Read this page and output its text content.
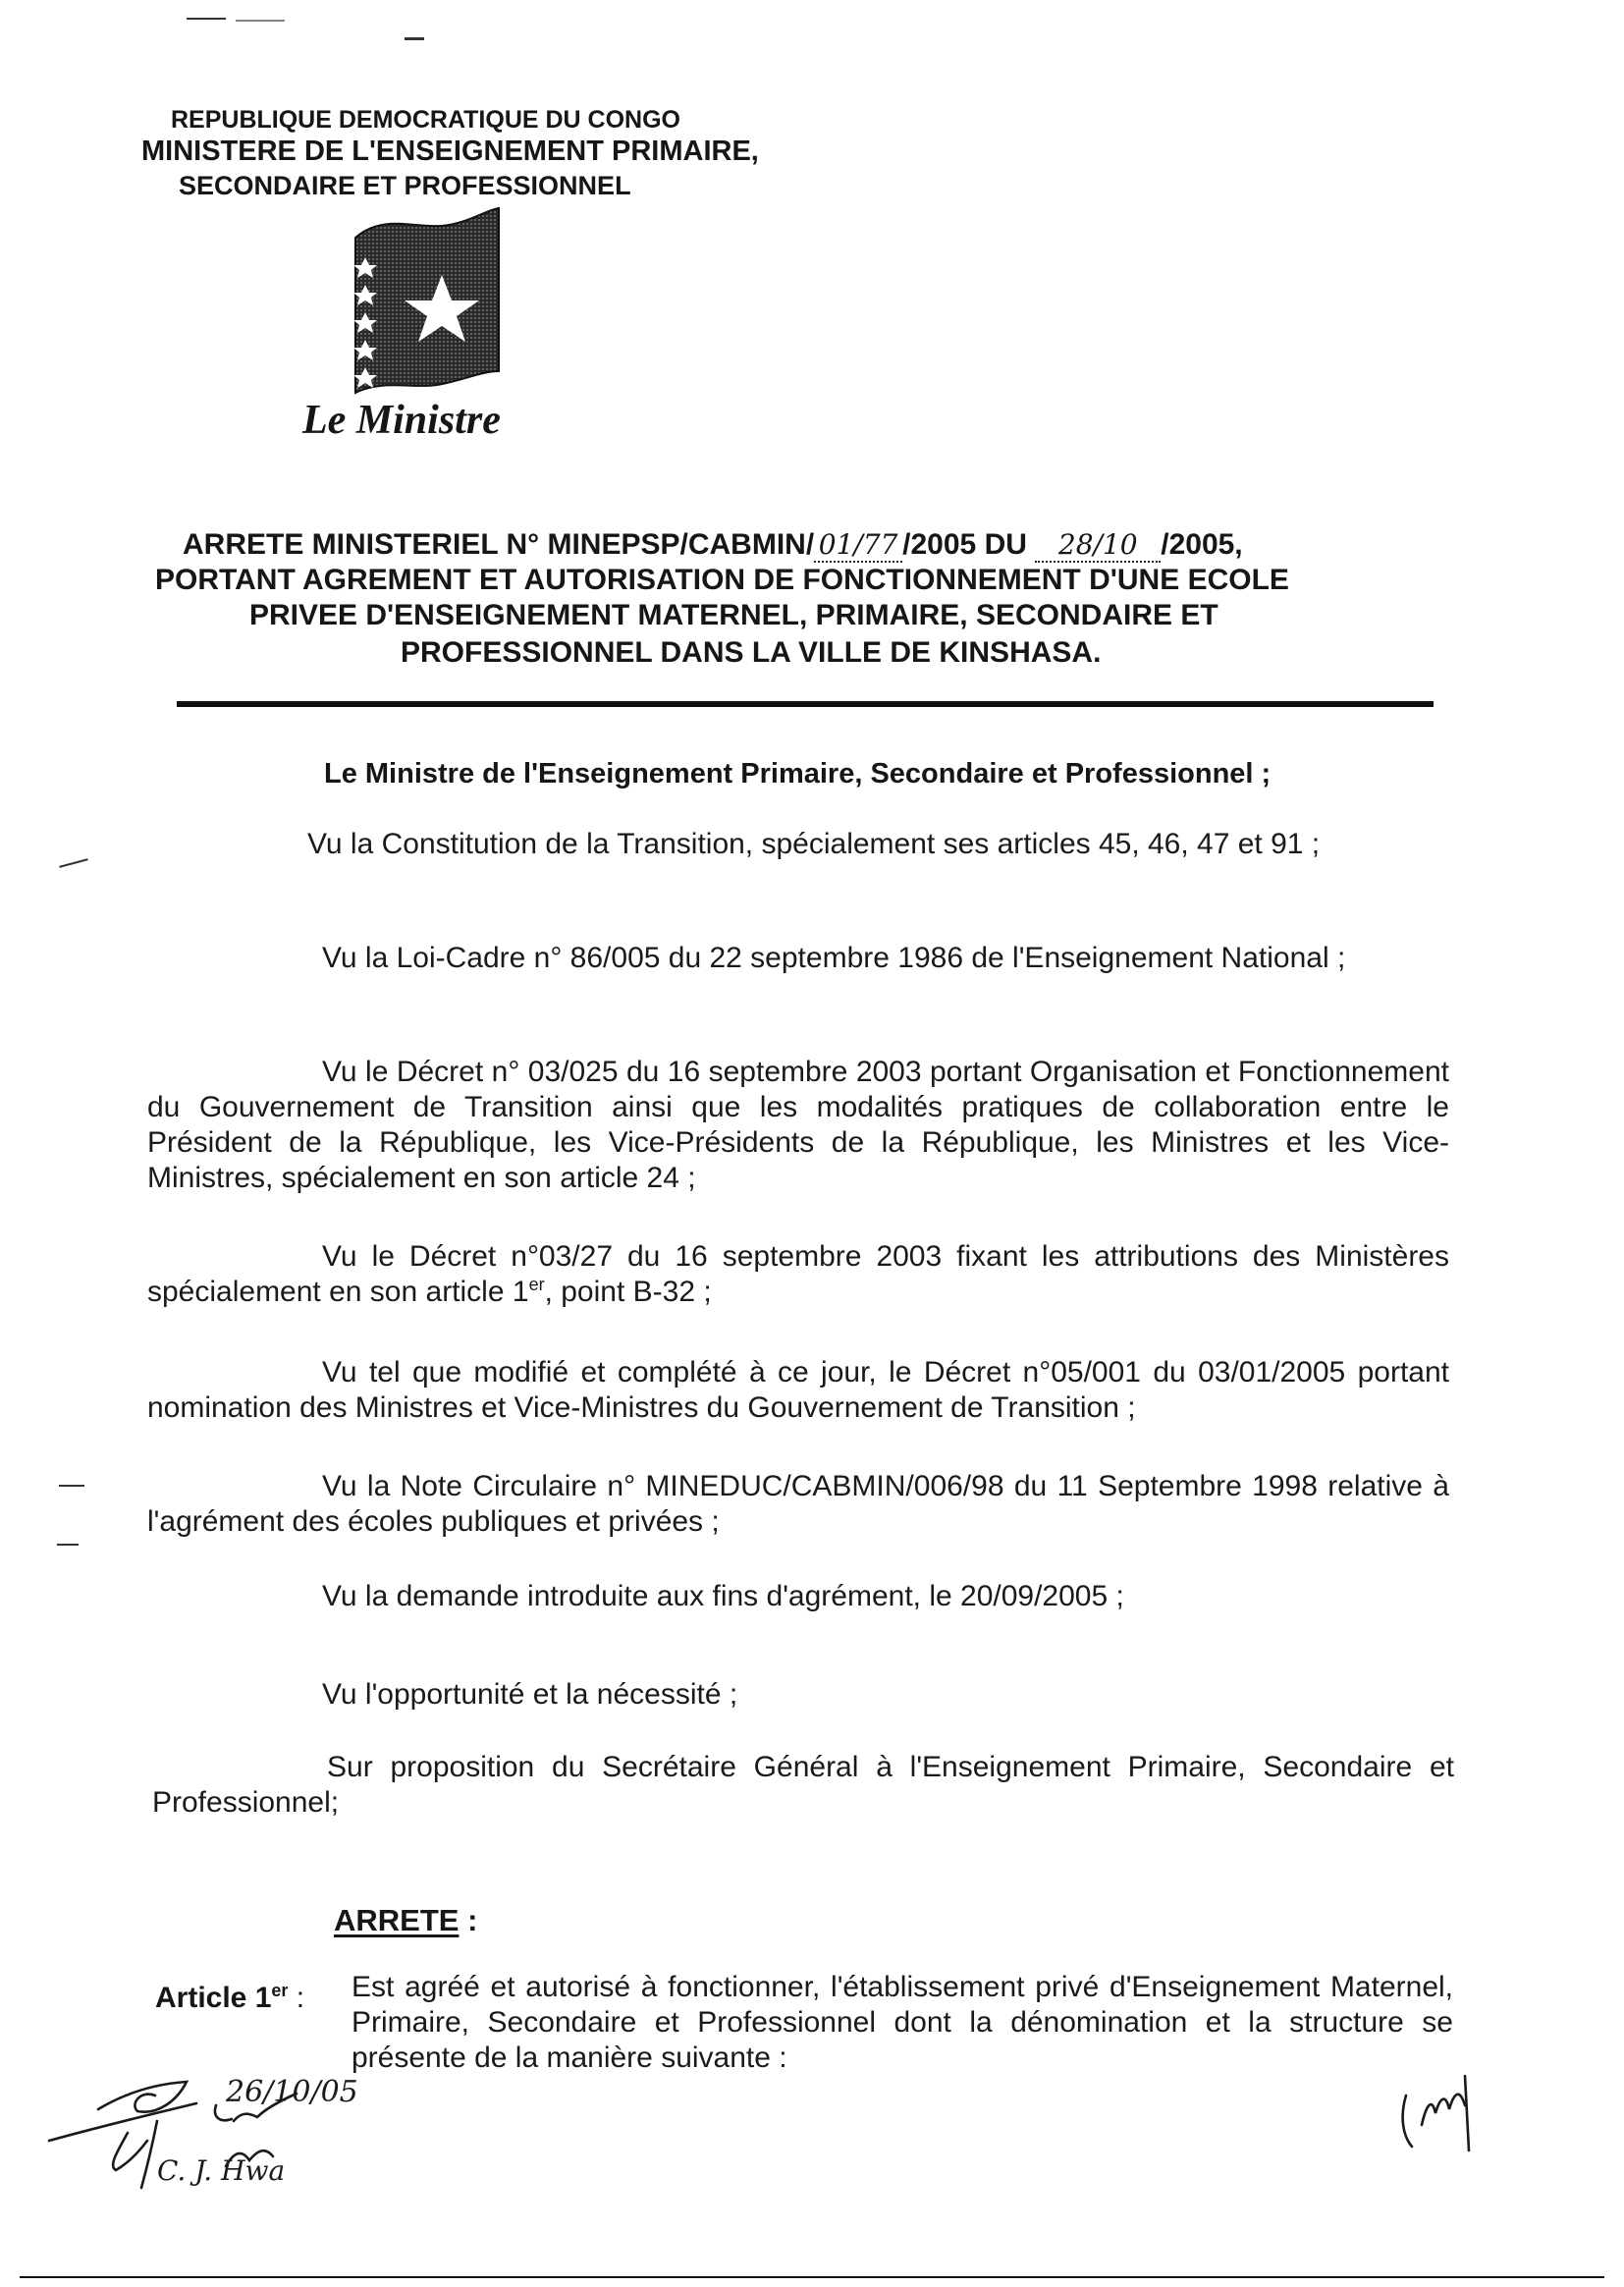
REPUBLIQUE DEMOCRATIQUE DU CONGO
MINISTERE DE L'ENSEIGNEMENT PRIMAIRE,
SECONDAIRE ET PROFESSIONNEL
Le Ministre
ARRETE MINISTERIEL N° MINEPSP/CABMIN/ 01/77 /2005 DU 28/10 /2005,
PORTANT AGREMENT ET AUTORISATION DE FONCTIONNEMENT D'UNE ECOLE
PRIVEE D'ENSEIGNEMENT MATERNEL, PRIMAIRE, SECONDAIRE ET
PROFESSIONNEL DANS LA VILLE DE KINSHASA.
Le Ministre de l'Enseignement Primaire, Secondaire et Professionnel ;
Vu la Constitution de la Transition, spécialement ses articles 45, 46, 47 et 91 ;
Vu la Loi-Cadre n° 86/005 du 22 septembre 1986 de l'Enseignement National ;
Vu le Décret n° 03/025 du 16 septembre 2003 portant Organisation et Fonctionnement du Gouvernement de Transition ainsi que les modalités pratiques de collaboration entre le Président de la République, les Vice-Présidents de la République, les Ministres et les Vice-Ministres, spécialement en son article 24 ;
Vu le Décret n°03/27 du 16 septembre 2003 fixant les attributions des Ministères spécialement en son article 1er, point B-32 ;
Vu tel que modifié et complété à ce jour, le Décret n°05/001 du 03/01/2005 portant nomination des Ministres et Vice-Ministres du Gouvernement de Transition ;
Vu la Note Circulaire n° MINEDUC/CABMIN/006/98 du 11 Septembre 1998 relative à l'agrément des écoles publiques et privées ;
Vu la demande introduite aux fins d'agrément, le 20/09/2005 ;
Vu l'opportunité et la nécessité ;
Sur proposition du Secrétaire Général à l'Enseignement Primaire, Secondaire et Professionnel;
ARRETE :
Article 1er : Est agréé et autorisé à fonctionner, l'établissement privé d'Enseignement Maternel, Primaire, Secondaire et Professionnel dont la dénomination et la structure se présente de la manière suivante :
26/10/05
C. J. Hwa
